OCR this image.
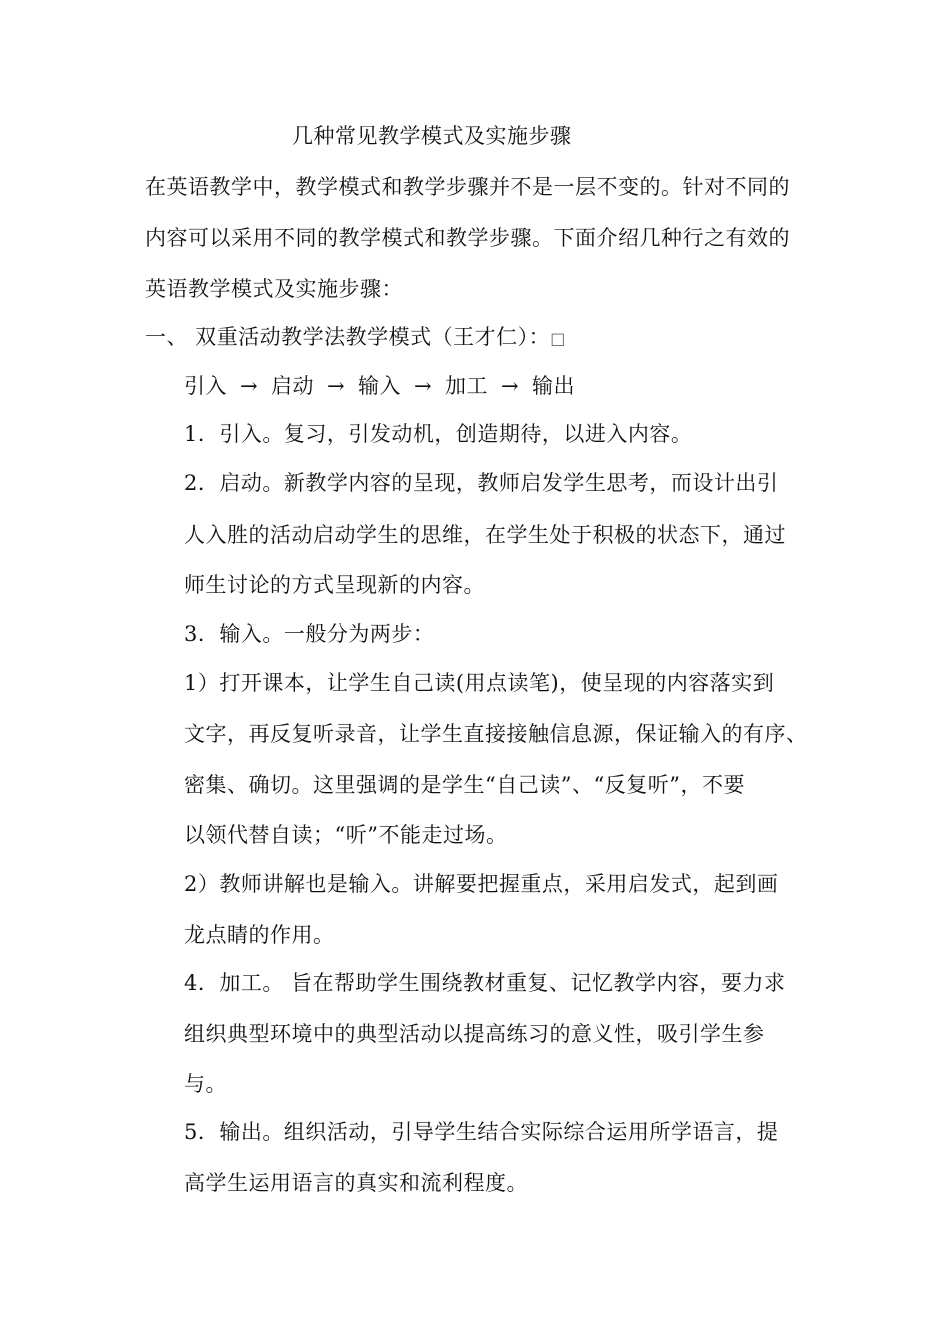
几种常见教学模式及实施步骤
在英语教学中，教学模式和教学步骤并不是一层不变的。针对不同的
内容可以采用不同的教学模式和教学步骤。下面介绍几种行之有效的
英语教学模式及实施步骤：
一、 双重活动教学法教学模式（王才仁）：□
引入 → 启动 → 输入 → 加工 → 输出
1．引入。复习，引发动机，创造期待，以进入内容。
2．启动。新教学内容的呈现，教师启发学生思考，而设计出引
人入胜的活动启动学生的思维，在学生处于积极的状态下，通过
师生讨论的方式呈现新的内容。
3．输入。一般分为两步：
1）打开课本，让学生自己读(用点读笔)，使呈现的内容落实到
文字，再反复听录音，让学生直接接触信息源，保证输入的有序、
密集、确切。这里强调的是学生“自己读”、“反复听”，不要
以领代替自读；“听”不能走过场。
2）教师讲解也是输入。讲解要把握重点，采用启发式，起到画
龙点睛的作用。
4．加工。 旨在帮助学生围绕教材重复、记忆教学内容，要力求
组织典型环境中的典型活动以提高练习的意义性，吸引学生参
与。
5．输出。组织活动，引导学生结合实际综合运用所学语言，提
高学生运用语言的真实和流利程度。
